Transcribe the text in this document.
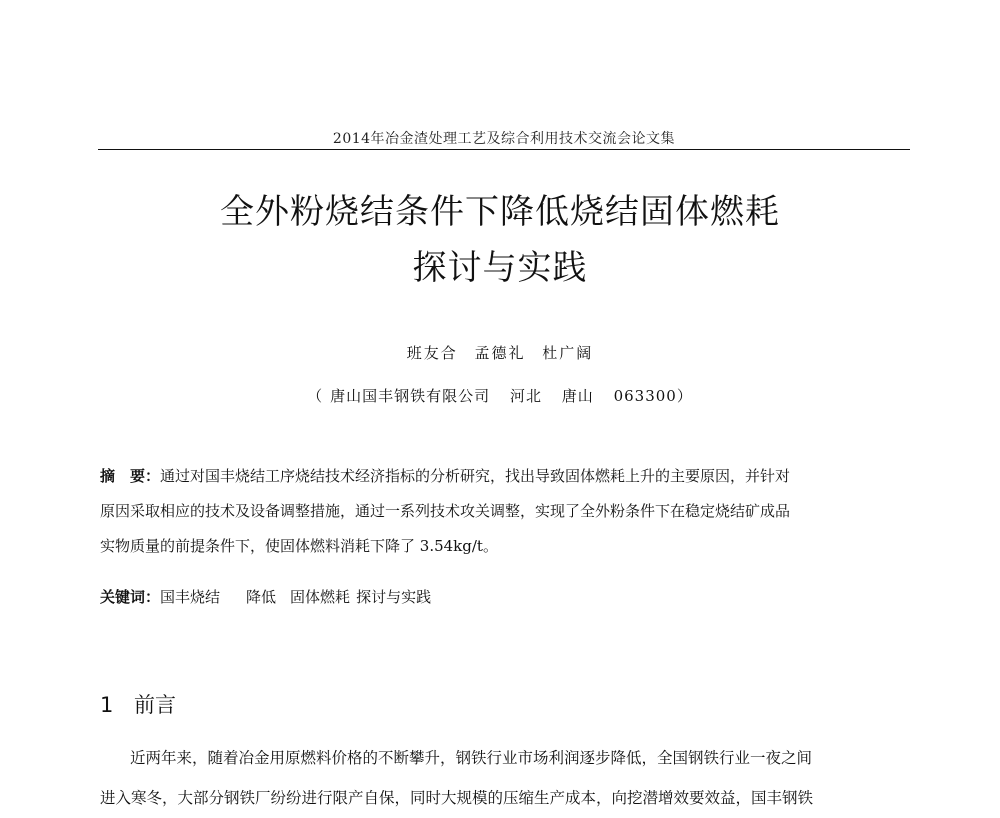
2014年冶金渣处理工艺及综合利用技术交流会论文集
全外粉烧结条件下降低烧结固体燃耗
探讨与实践
班友合 孟德礼 杜广阔
（ 唐山国丰钢铁有限公司 河北 唐山 063300）

摘　要：通过对国丰烧结工序烧结技术经济指标的分析研究，找出导致固体燃耗上升的主要原因，并针对

原因采取相应的技术及设备调整措施，通过一系列技术攻关调整，实现了全外粉条件下在稳定烧结矿成品

实物质量的前提条件下，使固体燃料消耗下降了 3.54kg/t。

关键词：国丰烧结 降低 固体燃耗 探讨与实践
1 前言

近两年来，随着冶金用原燃料价格的不断攀升，钢铁行业市场利润逐步降低，全国钢铁行业一夜之间

进入寒冬，大部分钢铁厂纷纷进行限产自保，同时大规模的压缩生产成本，向挖潜增效要效益，国丰钢铁
